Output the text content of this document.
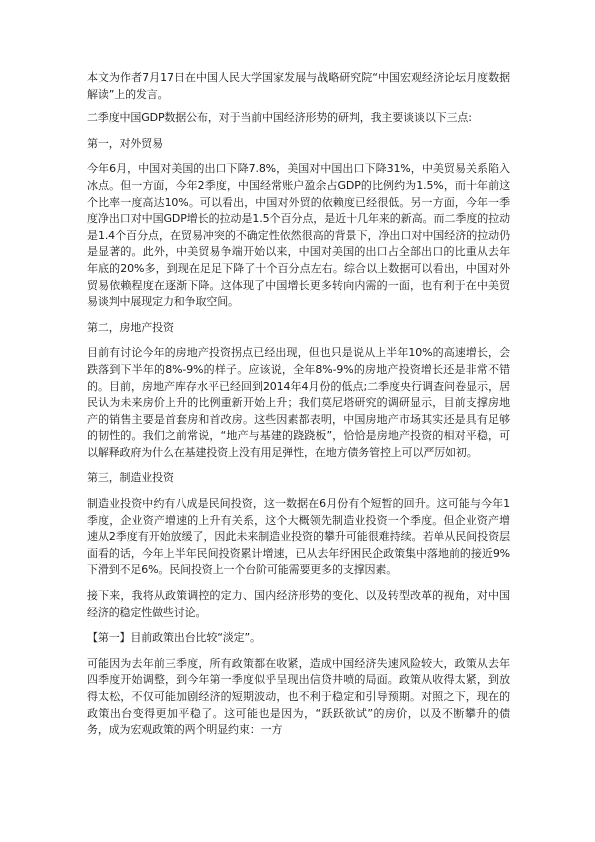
本文为作者7月17日在中国人民大学国家发展与战略研究院“中国宏观经济论坛月度数据解读”上的发言。

二季度中国GDP数据公布，对于当前中国经济形势的研判，我主要谈谈以下三点:

第一，对外贸易

今年6月，中国对美国的出口下降7.8%，美国对中国出口下降31%，中美贸易关系陷入冰点。但一方面，今年2季度，中国经常账户盈余占GDP的比例约为1.5%，而十年前这个比率一度高达10%。可以看出，中国对外贸的依赖度已经很低。另一方面，今年一季度净出口对中国GDP增长的拉动是1.5个百分点，是近十几年来的新高。而二季度的拉动是1.4个百分点，在贸易冲突的不确定性依然很高的背景下，净出口对中国经济的拉动仍是显著的。此外，中美贸易争端开始以来，中国对美国的出口占全部出口的比重从去年年底的20%多，到现在足足下降了十个百分点左右。综合以上数据可以看出，中国对外贸易依赖程度在逐渐下降。这体现了中国增长更多转向内需的一面，也有利于在中美贸易谈判中展现定力和争取空间。

第二，房地产投资

目前有讨论今年的房地产投资拐点已经出现，但也只是说从上半年10%的高速增长，会跌落到下半年的8%-9%的样子。应该说，全年8%-9%的房地产投资增长还是非常不错的。目前，房地产库存水平已经回到2014年4月份的低点;二季度央行调查问卷显示，居民认为未来房价上升的比例重新开始上升；我们莫尼塔研究的调研显示，目前支撑房地产的销售主要是首套房和首改房。这些因素都表明，中国房地产市场其实还是具有足够的韧性的。我们之前常说，“地产与基建的跷跷板”，恰恰是房地产投资的相对平稳，可以解释政府为什么在基建投资上没有用足弹性，在地方债务管控上可以严厉如初。

第三，制造业投资

制造业投资中约有八成是民间投资，这一数据在6月份有个短暂的回升。这可能与今年1季度，企业资产增速的上升有关系，这个大概领先制造业投资一个季度。但企业资产增速从2季度有开始放缓了，因此未来制造业投资的攀升可能很难持续。若单从民间投资层面看的话，今年上半年民间投资累计增速，已从去年纾困民企政策集中落地前的接近9%下滑到不足6%。民间投资上一个台阶可能需要更多的支撑因素。

接下来，我将从政策调控的定力、国内经济形势的变化、以及转型改革的视角，对中国经济的稳定性做些讨论。

【第一】目前政策出台比较“淡定”。

可能因为去年前三季度，所有政策都在收紧，造成中国经济失速风险较大，政策从去年四季度开始调整，到今年第一季度似乎呈现出信贷井喷的局面。政策从收得太紧，到放得太松，不仅可能加剧经济的短期波动，也不利于稳定和引导预期。对照之下，现在的政策出台变得更加平稳了。这可能也是因为，“跃跃欲试”的房价，以及不断攀升的债务，成为宏观政策的两个明显约束：一方
